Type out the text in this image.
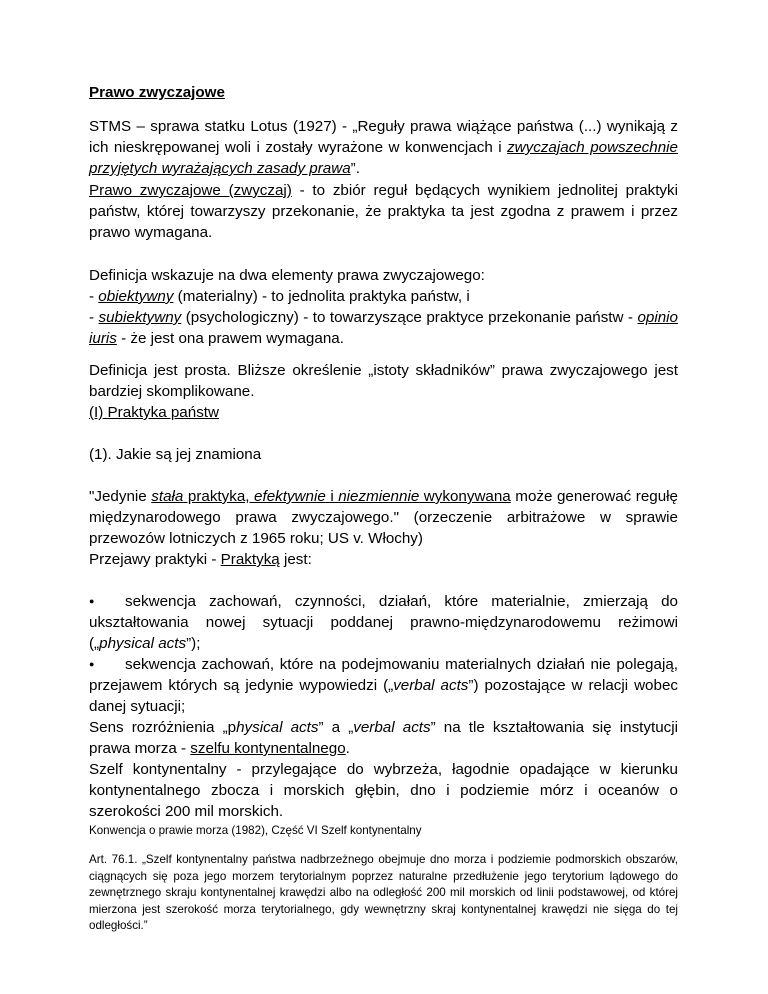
Prawo zwyczajowe

STMS – sprawa statku Lotus (1927) - „Reguły prawa wiążące państwa (...) wynikają z ich nieskrępowanej woli i zostały wyrażone w konwencjach i zwyczajach powszechnie przyjętych wyrażających zasady prawa”.

Prawo zwyczajowe (zwyczaj) - to zbiór reguł będących wynikiem jednolitej praktyki państw, której towarzyszy przekonanie, że praktyka ta jest zgodna z prawem i przez prawo wymagana.

Definicja wskazuje na dwa elementy prawa zwyczajowego:

- obiektywny (materialny) - to jednolita praktyka państw, i

- subiektywny (psychologiczny) - to towarzyszące praktyce przekonanie państw - opinio iuris - że jest ona prawem wymagana.

Definicja jest prosta. Bliższe określenie „istoty składników” prawa zwyczajowego jest bardziej skomplikowane.

(I) Praktyka państw

(1). Jakie są jej znamiona

"Jedynie stała praktyka, efektywnie i niezmiennie wykonywana może generować regułę międzynarodowego prawa zwyczajowego." (orzeczenie arbitrażowe w sprawie przewozów lotniczych z 1965 roku; US v. Włochy)

Przejawy praktyki - Praktyką jest:

● sekwencja zachowań, czynności, działań, które materialnie, zmierzają do ukształtowania nowej sytuacji poddanej prawno-międzynarodowemu reżimowi („physical acts”);

● sekwencja zachowań, które na podejmowaniu materialnych działań nie polegają, przejawem których są jedynie wypowiedzi („verbal acts”) pozostające w relacji wobec danej sytuacji;

Sens rozróżnienia „physical acts” a „verbal acts” na tle kształtowania się instytucji prawa morza - szelfu kontynentalnego.

Szelf kontynentalny - przylegające do wybrzeża, łagodnie opadające w kierunku kontynentalnego zbocza i morskich głębin, dno i podziemie mórz i oceanów o szerokości 200 mil morskich.

Konwencja o prawie morza (1982), Część VI Szelf kontynentalny

Art. 76.1. „Szelf kontynentalny państwa nadbrzeżnego obejmuje dno morza i podziemie podmorskich obszarów, ciągnących się poza jego morzem terytorialnym poprzez naturalne przedłużenie jego terytorium lądowego do zewnętrznego skraju kontynentalnej krawędzi albo na odległość 200 mil morskich od linii podstawowej, od której mierzona jest szerokość morza terytorialnego, gdy wewnętrzny skraj kontynentalnej krawędzi nie sięga do tej odległości.”
